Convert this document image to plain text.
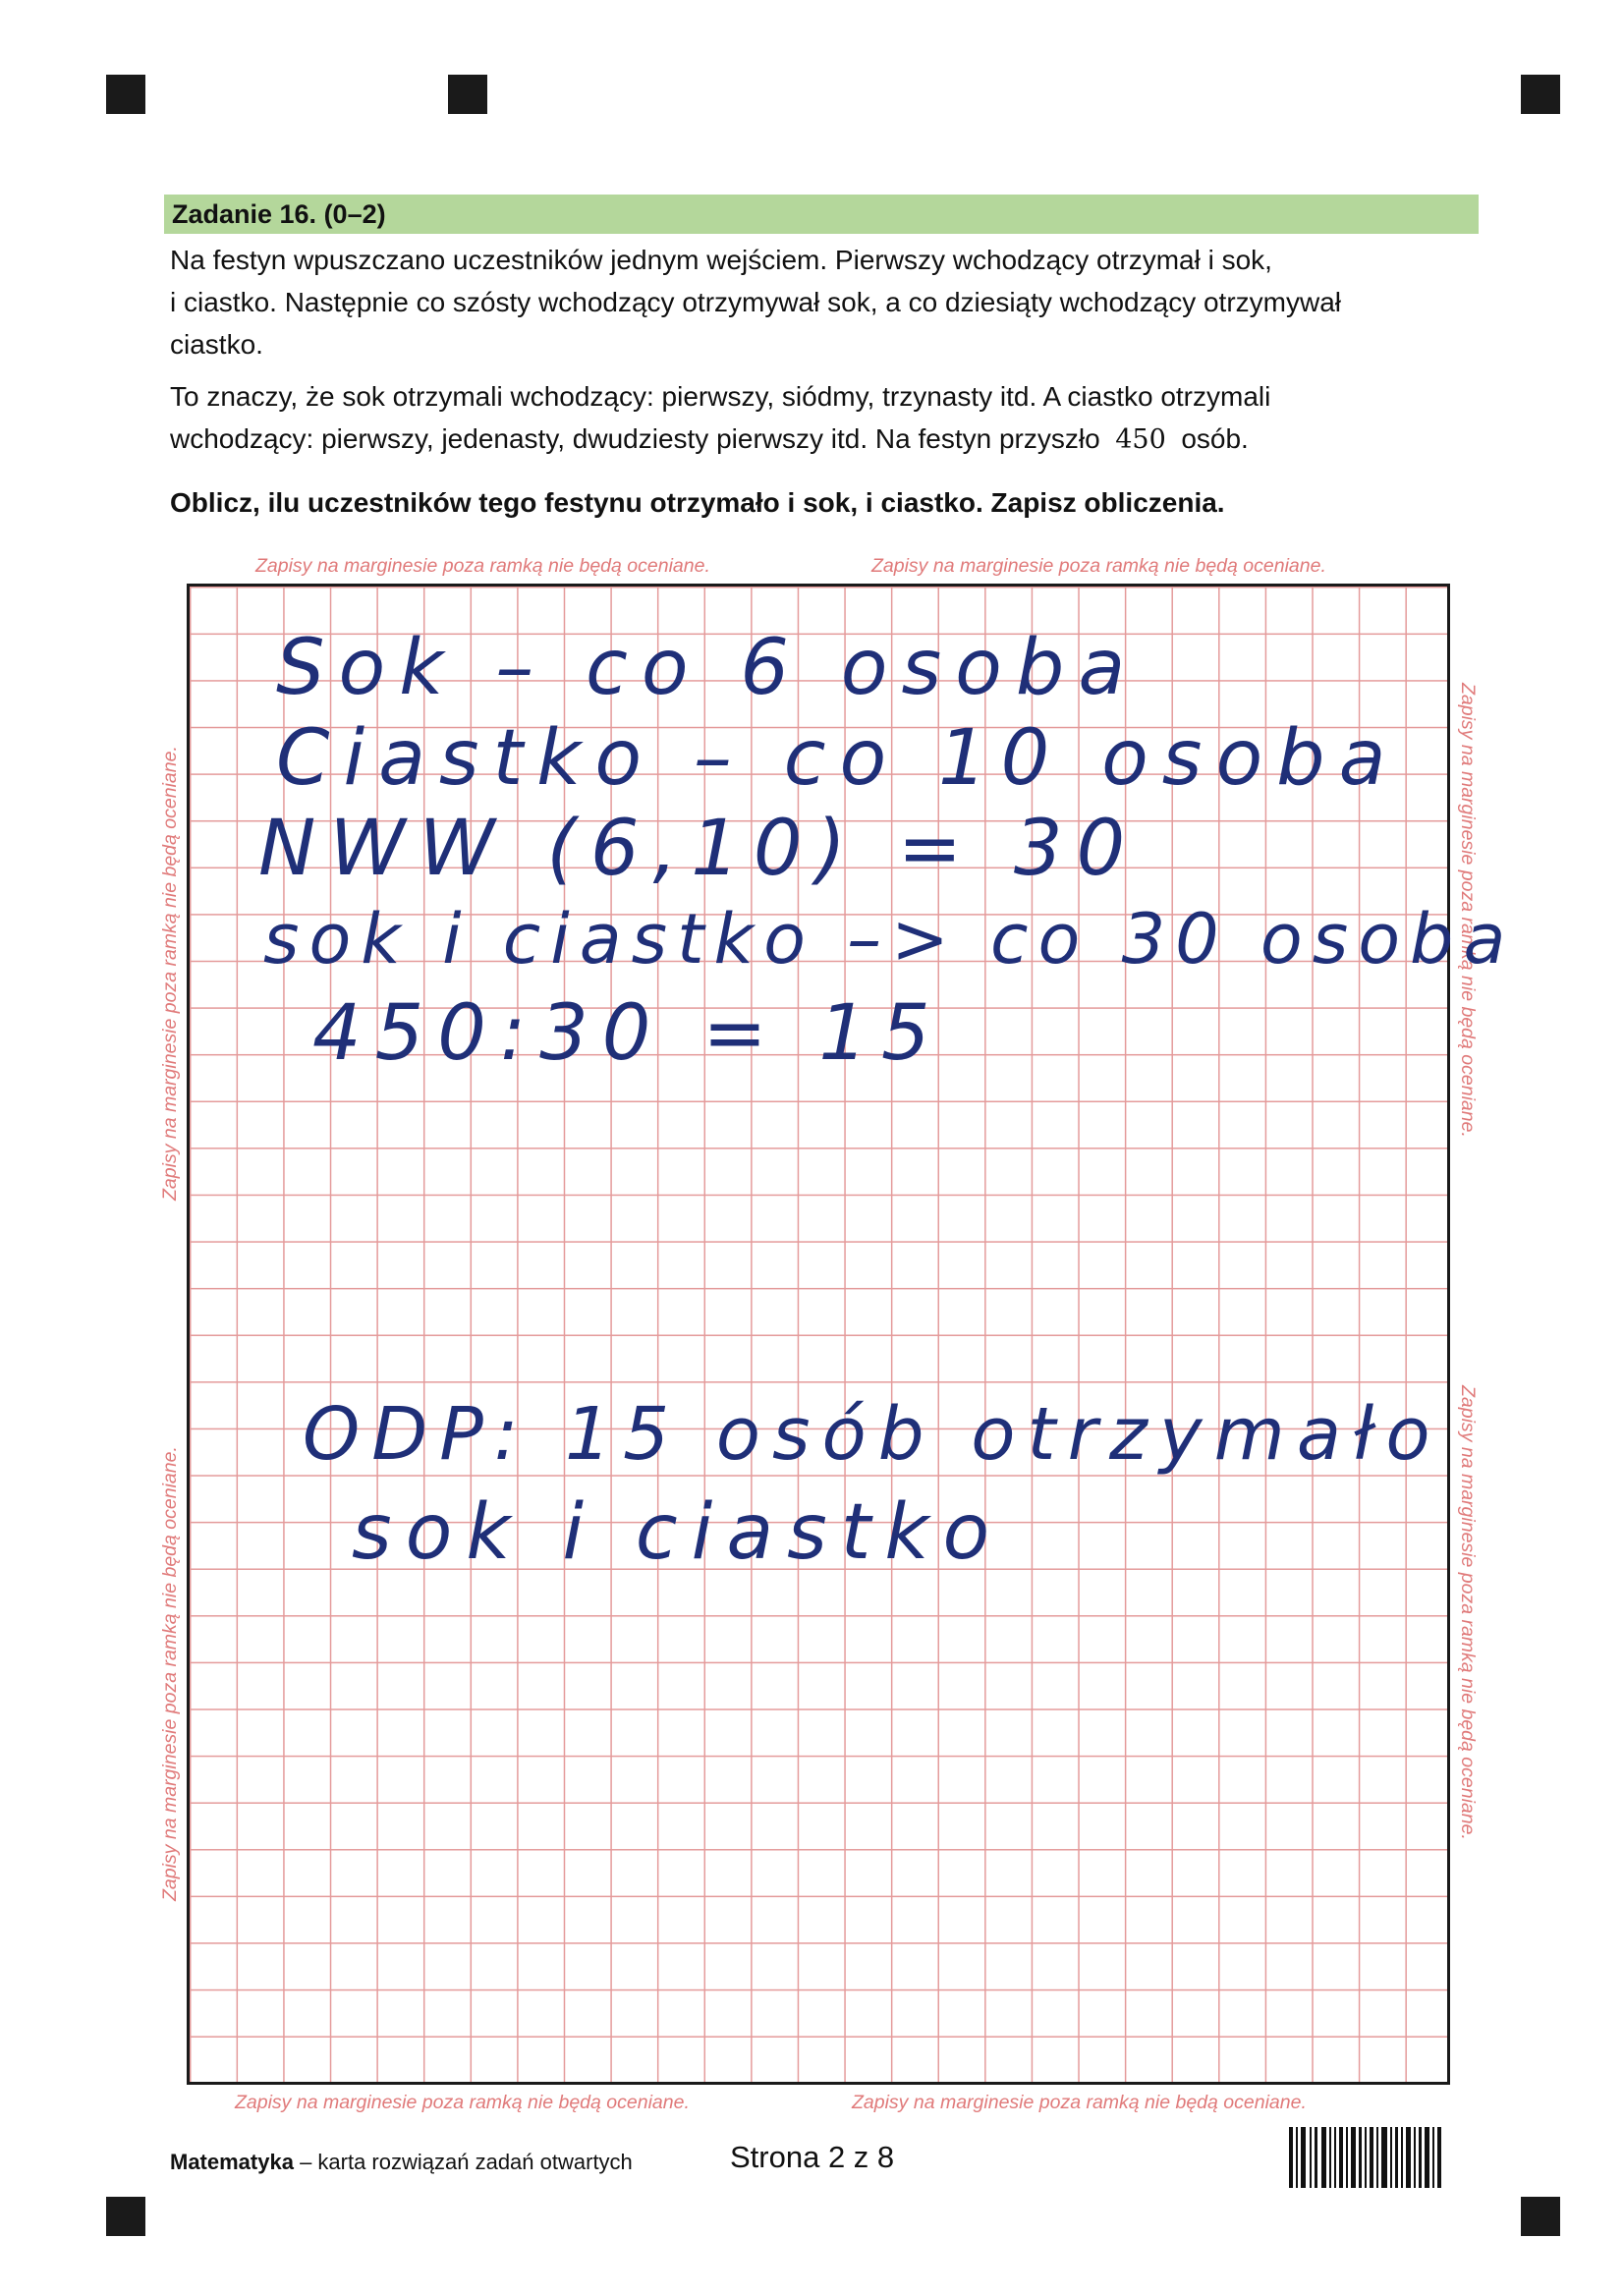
Zadanie 16. (0–2)
Na festyn wpuszczano uczestników jednym wejściem. Pierwszy wchodzący otrzymał i sok,
i ciastko. Następnie co szósty wchodzący otrzymywał sok, a co dziesiąty wchodzący otrzymywał
ciastko.
To znaczy, że sok otrzymali wchodzący: pierwszy, siódmy, trzynasty itd. A ciastko otrzymali
wchodzący: pierwszy, jedenasty, dwudziesty pierwszy itd. Na festyn przyszło 450 osób.
Oblicz, ilu uczestników tego festynu otrzymało i sok, i ciastko. Zapisz obliczenia.
Zapisy na marginesie poza ramką nie będą oceniane.	Zapisy na marginesie poza ramką nie będą oceniane.
Zapisy na marginesie poza ramką nie będą oceniane.	Zapisy na marginesie poza ramką nie będą oceniane.
Zapisy na marginesie poza ramką nie będą oceniane.
Zapisy na marginesie poza ramką nie będą oceniane.
Zapisy na marginesie poza ramką nie będą oceniane.
Zapisy na marginesie poza ramką nie będą oceniane.
Sok – co 6 osoba
Ciastko – co 10 osoba
NWW (6,10) = 30
sok i ciastko –> co 30 osoba
450:30 = 15
ODP: 15 osób otrzymało
sok i ciastko
Matematyka – karta rozwiązań zadań otwartych	Strona 2 z 8
